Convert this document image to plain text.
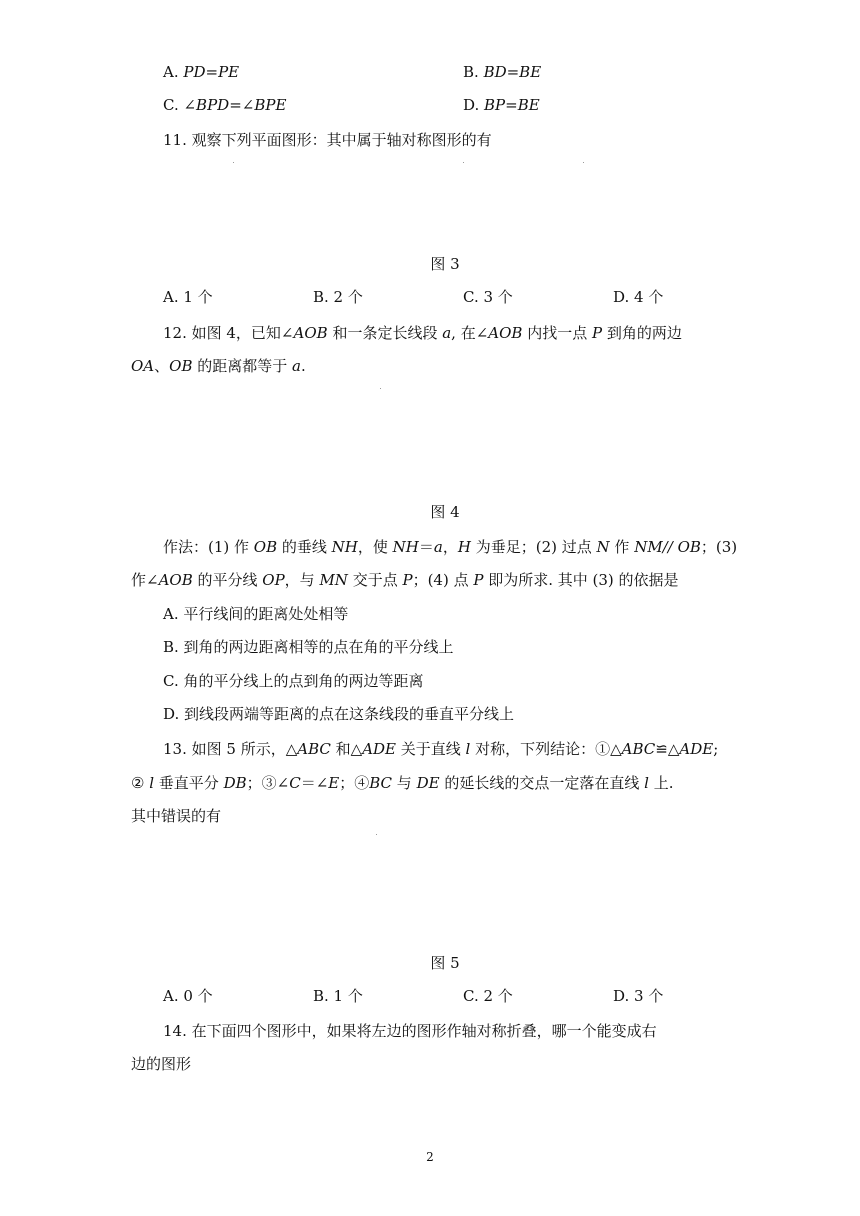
A. PD=PE	B. BD=BE
C. ∠BPD=∠BPE	D. BP=BE
11. 观察下列平面图形：其中属于轴对称图形的有
图 3
A. 1 个	B. 2 个	C. 3 个	D. 4 个
12. 如图 4，已知∠AOB 和一条定长线段 a, 在∠AOB 内找一点 P 到角的两边
OA、OB 的距离都等于 a.
图 4
作法：(1) 作 OB 的垂线 NH，使 NH＝a，H 为垂足；(2) 过点 N 作 NM// OB；(3)
作∠AOB 的平分线 OP，与 MN 交于点 P；(4) 点 P 即为所求. 其中 (3) 的依据是
A. 平行线间的距离处处相等
B. 到角的两边距离相等的点在角的平分线上
C. 角的平分线上的点到角的两边等距离
D. 到线段两端等距离的点在这条线段的垂直平分线上
13. 如图 5 所示，△ABC 和△ADE 关于直线 l 对称，下列结论：①△ABC≌△ADE;
② l 垂直平分 DB；③∠C＝∠E；④BC 与 DE 的延长线的交点一定落在直线 l 上.
其中错误的有
图 5
A. 0 个	B. 1 个	C. 2 个	D. 3 个
14. 在下面四个图形中，如果将左边的图形作轴对称折叠，哪一个能变成右
边的图形
2
